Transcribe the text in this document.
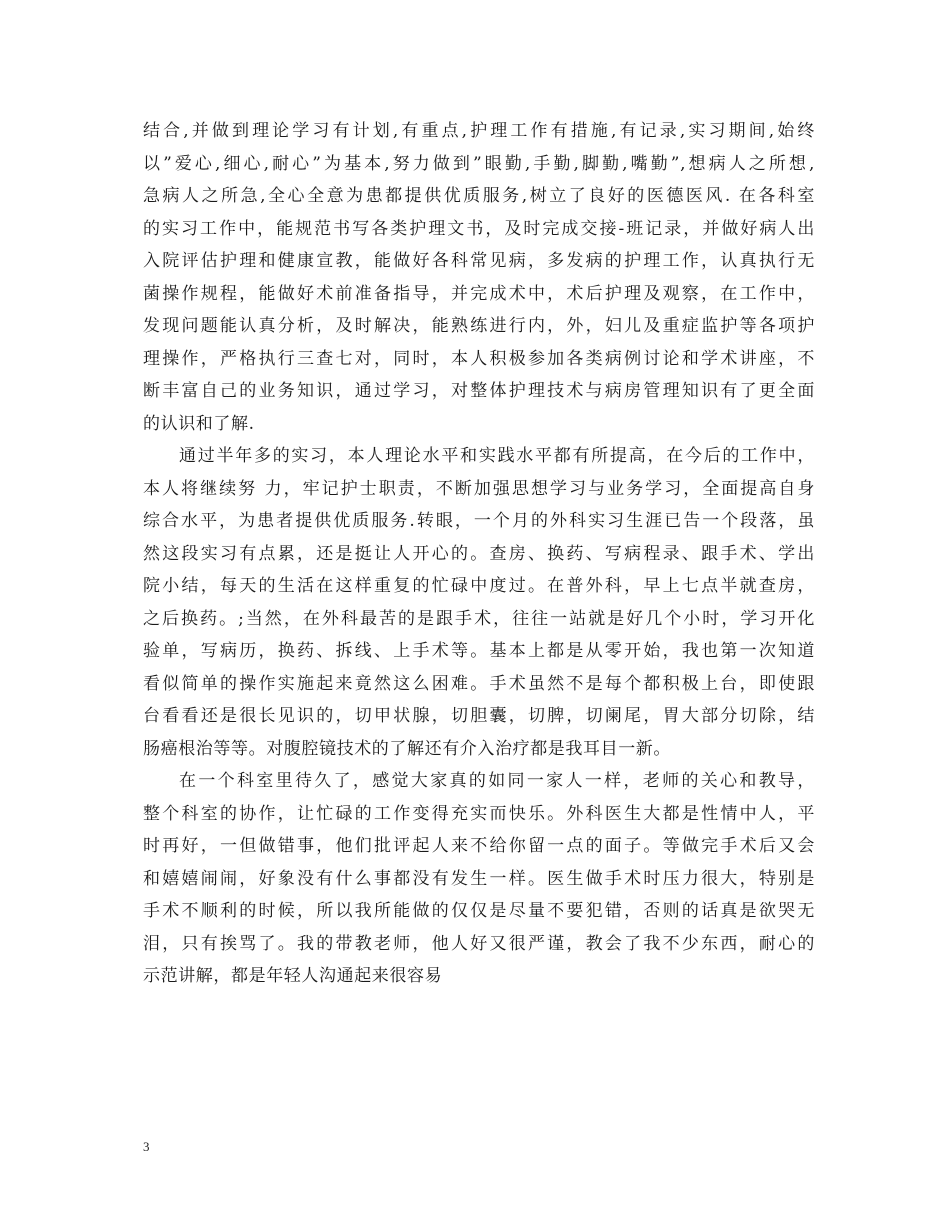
结合,并做到理论学习有计划,有重点,护理工作有措施,有记录,实习期间,始终
以”爱心,细心,耐心”为基本,努力做到”眼勤,手勤,脚勤,嘴勤”,想病人之所想,
急病人之所急,全心全意为患都提供优质服务,树立了良好的医德医风. 在各科室
的实习工作中，能规范书写各类护理文书，及时完成交接-班记录，并做好病人出
入院评估护理和健康宣教，能做好各科常见病，多发病的护理工作，认真执行无
菌操作规程，能做好术前准备指导，并完成术中，术后护理及观察，在工作中，
发现问题能认真分析，及时解决，能熟练进行内，外，妇儿及重症监护等各项护
理操作，严格执行三查七对，同时，本人积极参加各类病例讨论和学术讲座，不
断丰富自己的业务知识，通过学习，对整体护理技术与病房管理知识有了更全面
的认识和了解.
通过半年多的实习，本人理论水平和实践水平都有所提高，在今后的工作中，
本人将继续努 力，牢记护士职责，不断加强思想学习与业务学习，全面提高自身
综合水平，为患者提供优质服务.转眼，一个月的外科实习生涯已告一个段落，虽
然这段实习有点累，还是挺让人开心的。查房、换药、写病程录、跟手术、学出
院小结，每天的生活在这样重复的忙碌中度过。在普外科，早上七点半就查房，
之后换药。;当然，在外科最苦的是跟手术，往往一站就是好几个小时，学习开化
验单，写病历，换药、拆线、上手术等。基本上都是从零开始，我也第一次知道
看似简单的操作实施起来竟然这么困难。手术虽然不是每个都积极上台，即使跟
台看看还是很长见识的，切甲状腺，切胆囊，切脾，切阑尾，胃大部分切除，结
肠癌根治等等。对腹腔镜技术的了解还有介入治疗都是我耳目一新。
在一个科室里待久了，感觉大家真的如同一家人一样，老师的关心和教导，
整个科室的协作，让忙碌的工作变得充实而快乐。外科医生大都是性情中人，平
时再好，一但做错事，他们批评起人来不给你留一点的面子。等做完手术后又会
和嬉嬉闹闹，好象没有什么事都没有发生一样。医生做手术时压力很大，特别是
手术不顺利的时候，所以我所能做的仅仅是尽量不要犯错，否则的话真是欲哭无
泪，只有挨骂了。我的带教老师，他人好又很严谨，教会了我不少东西，耐心的
示范讲解，都是年轻人沟通起来很容易
3
